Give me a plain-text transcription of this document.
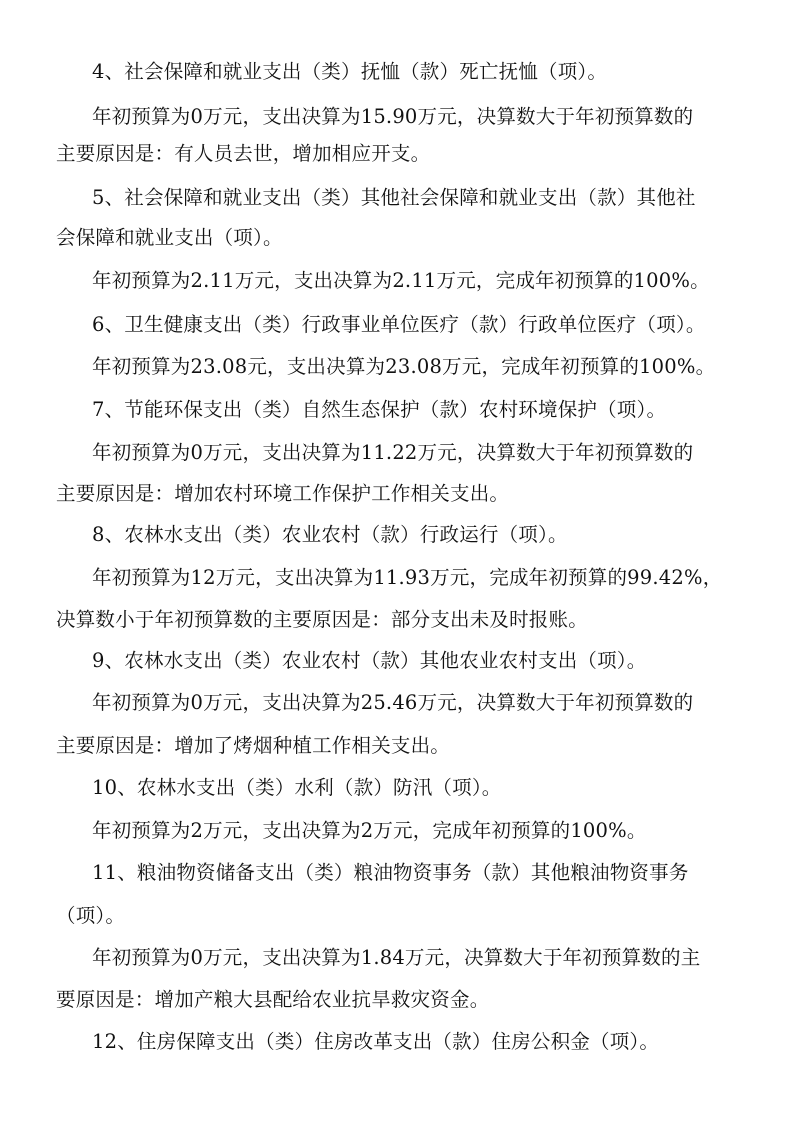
4、社会保障和就业支出（类）抚恤（款）死亡抚恤（项）。
年初预算为0万元，支出决算为15.90万元，决算数大于年初预算数的
主要原因是：有人员去世，增加相应开支。
5、社会保障和就业支出（类）其他社会保障和就业支出（款）其他社
会保障和就业支出（项）。
年初预算为2.11万元，支出决算为2.11万元，完成年初预算的100%。
6、卫生健康支出（类）行政事业单位医疗（款）行政单位医疗（项）。
年初预算为23.08元，支出决算为23.08万元，完成年初预算的100%。
7、节能环保支出（类）自然生态保护（款）农村环境保护（项）。
年初预算为0万元，支出决算为11.22万元，决算数大于年初预算数的
主要原因是：增加农村环境工作保护工作相关支出。
8、农林水支出（类）农业农村（款）行政运行（项）。
年初预算为12万元，支出决算为11.93万元，完成年初预算的99.42%，
决算数小于年初预算数的主要原因是：部分支出未及时报账。
9、农林水支出（类）农业农村（款）其他农业农村支出（项）。
年初预算为0万元，支出决算为25.46万元，决算数大于年初预算数的
主要原因是：增加了烤烟种植工作相关支出。
10、农林水支出（类）水利（款）防汛（项）。
年初预算为2万元，支出决算为2万元，完成年初预算的100%。
11、粮油物资储备支出（类）粮油物资事务（款）其他粮油物资事务
（项）。
年初预算为0万元，支出决算为1.84万元，决算数大于年初预算数的主
要原因是：增加产粮大县配给农业抗旱救灾资金。
12、住房保障支出（类）住房改革支出（款）住房公积金（项）。
